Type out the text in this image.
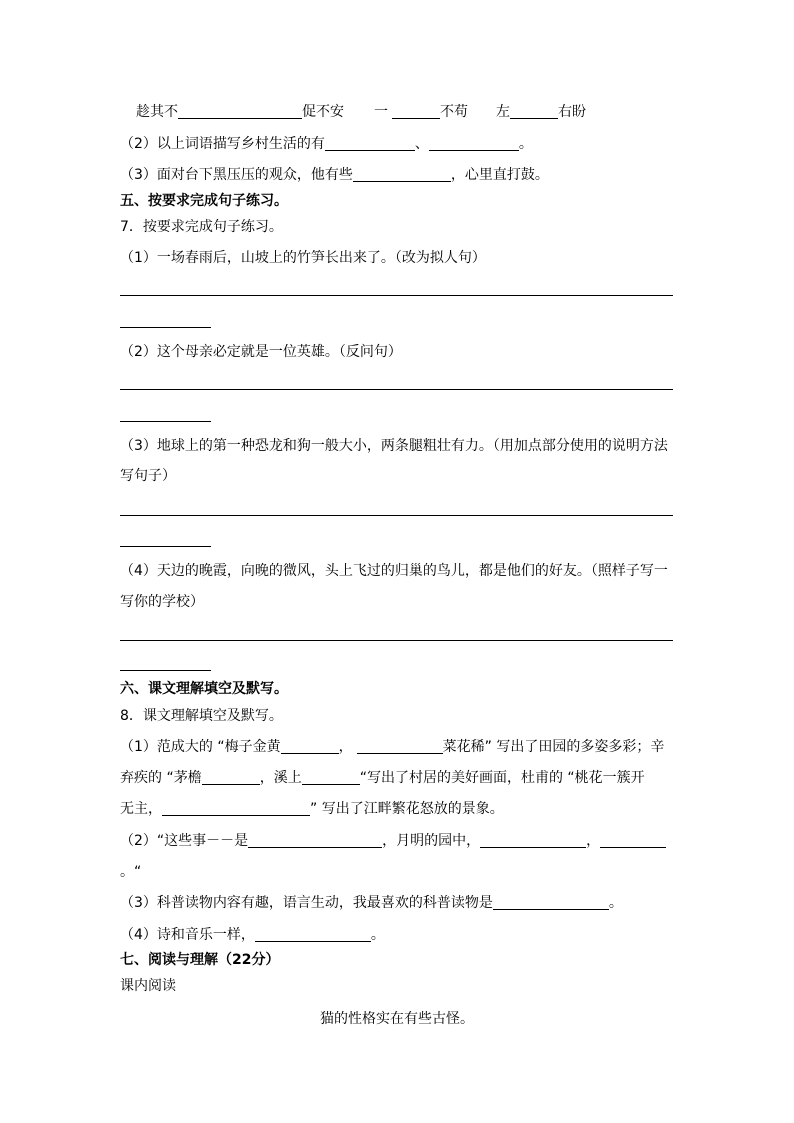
趁其不	促不安 一	不苟 左	右盼
（2）以上词语描写乡村生活的有	、	。
（3）面对台下黑压压的观众，他有些	，心里直打鼓。
五、按要求完成句子练习。
7．按要求完成句子练习。
（1）一场春雨后，山坡上的竹笋长出来了。（改为拟人句）
（2）这个母亲必定就是一位英雄。（反问句）
（3）地球上的第一种恐龙和狗一般大小，两条腿粗壮有力。（用加点部分使用的说明方法
写句子）
（4）天边的晚霞，向晚的微风，头上飞过的归巢的鸟儿，都是他们的好友。（照样子写一
写你的学校）
六、课文理解填空及默写。
8．课文理解填空及默写。
（1）范成大的 “梅子金黄	，	菜花稀” 写出了田园的多姿多彩；辛
弃疾的 “茅檐	，溪上	“写出了村居的美好画面，杜甫的 “桃花一簇开
无主，	” 写出了江畔繁花怒放的景象。
（2）“这些事－－是	，月明的园中，	，
。“
（3）科普读物内容有趣，语言生动，我最喜欢的科普读物是	。
（4）诗和音乐一样，	。
七、阅读与理解（22分）
课内阅读
猫的性格实在有些古怪。
